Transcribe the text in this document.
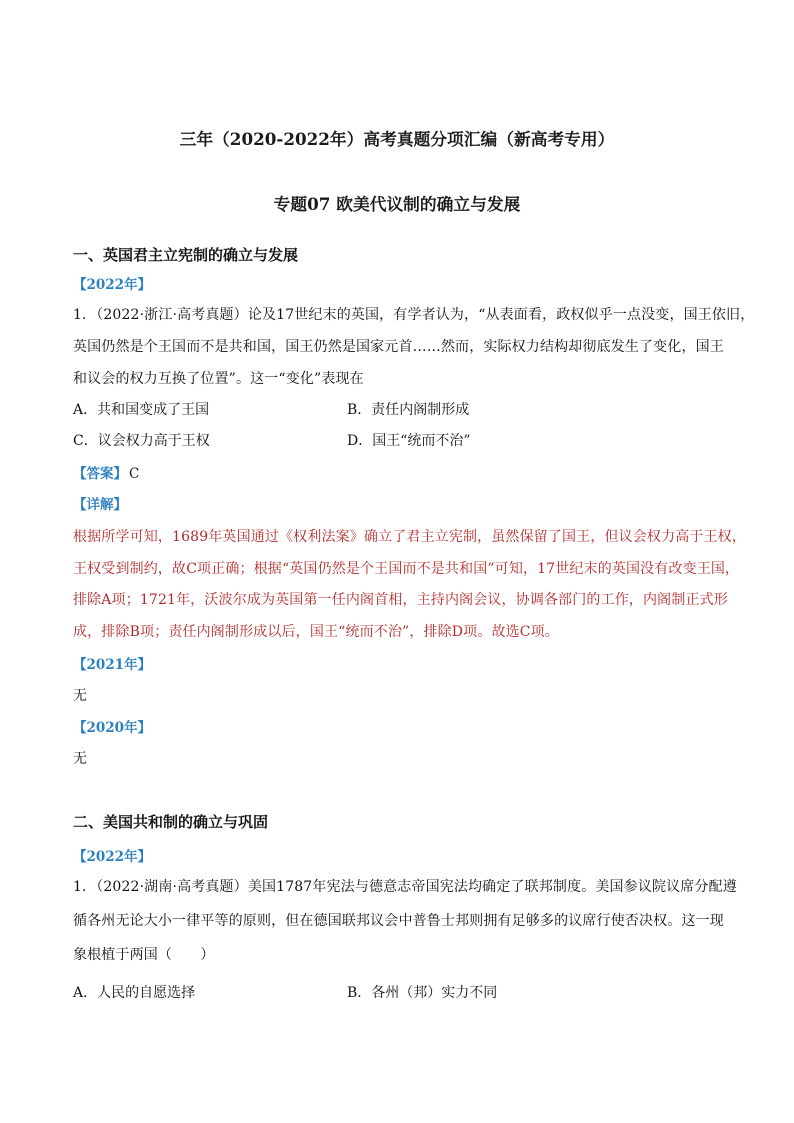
三年（2020-2022年）高考真题分项汇编（新高考专用）
专题07 欧美代议制的确立与发展
一、英国君主立宪制的确立与发展
【2022年】
1．（2022·浙江·高考真题）论及17世纪末的英国，有学者认为，“从表面看，政权似乎一点没变，国王依旧，
英国仍然是个王国而不是共和国，国王仍然是国家元首……然而，实际权力结构却彻底发生了变化，国王
和议会的权力互换了位置”。这一“变化”表现在
A．共和国变成了王国	B．责任内阁制形成
C．议会权力高于王权	D．国王“统而不治”
【答案】 C
【详解】
根据所学可知，1689年英国通过《权利法案》确立了君主立宪制，虽然保留了国王，但议会权力高于王权，
王权受到制约，故C项正确；根据“英国仍然是个王国而不是共和国”可知，17世纪末的英国没有改变王国，
排除A项；1721年，沃波尔成为英国第一任内阁首相，主持内阁会议，协调各部门的工作，内阁制正式形
成，排除B项；责任内阁制形成以后，国王“统而不治”，排除D项。故选C项。
【2021年】
无
【2020年】
无
二、美国共和制的确立与巩固
【2022年】
1．（2022·湖南·高考真题）美国1787年宪法与德意志帝国宪法均确定了联邦制度。美国参议院议席分配遵
循各州无论大小一律平等的原则，但在德国联邦议会中普鲁士邦则拥有足够多的议席行使否决权。这一现
象根植于两国（　　）
A．人民的自愿选择	B．各州（邦）实力不同
